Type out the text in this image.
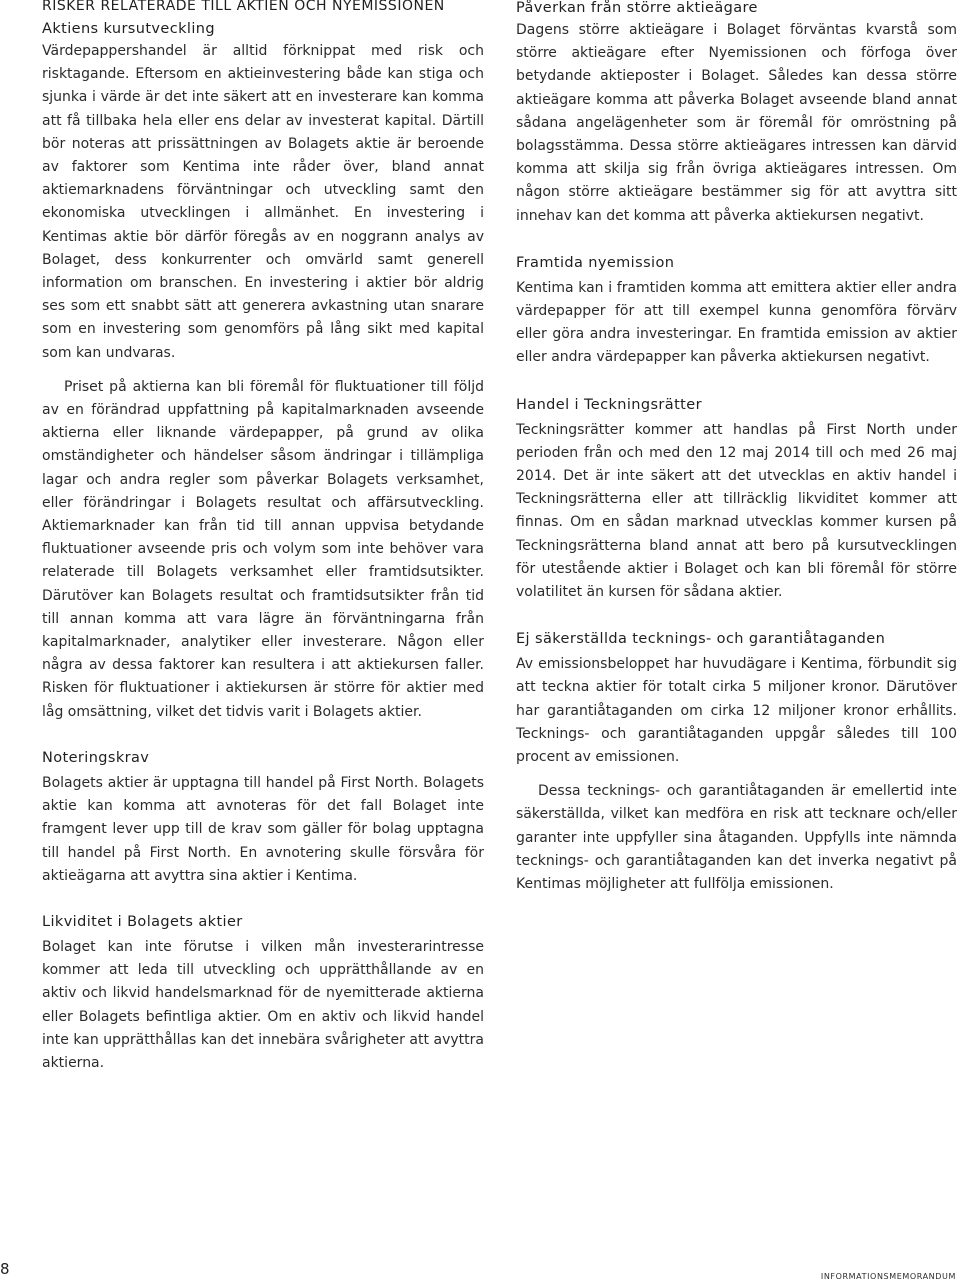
RISKER RELATERADE TILL AKTIEN OCH NYEMISSIONEN
Aktiens kursutveckling

Värdepappershandel är alltid förknippat med risk och risktagande. Eftersom en aktieinvestering både kan stiga och sjunka i värde är det inte säkert att en investerare kan komma att få tillbaka hela eller ens delar av investerat kapital. Därtill bör noteras att prissättningen av Bolagets aktie är beroende av faktorer som Kentima inte råder över, bland annat aktiemarknadens förväntningar och utveckling samt den ekonomiska utvecklingen i allmänhet. En investering i Kentimas aktie bör därför föregås av en noggrann analys av Bolaget, dess konkurrenter och omvärld samt generell information om branschen. En investering i aktier bör aldrig ses som ett snabbt sätt att generera avkastning utan snarare som en investering som genomförs på lång sikt med kapital som kan undvaras.

Priset på aktierna kan bli föremål för fluktuationer till följd av en förändrad uppfattning på kapitalmarknaden avseende aktierna eller liknande värdepapper, på grund av olika omständigheter och händelser såsom ändringar i tillämpliga lagar och andra regler som påverkar Bolagets verksamhet, eller förändringar i Bolagets resultat och affärsutveckling. Aktiemarknader kan från tid till annan uppvisa betydande fluktuationer avseende pris och volym som inte behöver vara relaterade till Bolagets verksamhet eller framtidsutsikter. Därutöver kan Bolagets resultat och framtidsutsikter från tid till annan komma att vara lägre än förväntningarna från kapitalmarknader, analytiker eller investerare. Någon eller några av dessa faktorer kan resultera i att aktiekursen faller. Risken för fluktuationer i aktiekursen är större för aktier med låg omsättning, vilket det tidvis varit i Bolagets aktier.

Noteringskrav

Bolagets aktier är upptagna till handel på First North. Bolagets aktie kan komma att avnoteras för det fall Bolaget inte framgent lever upp till de krav som gäller för bolag upptagna till handel på First North. En avnotering skulle försvåra för aktieägarna att avyttra sina aktier i Kentima.

Likviditet i Bolagets aktier

Bolaget kan inte förutse i vilken mån investerarintresse kommer att leda till utveckling och upprätthållande av en aktiv och likvid handelsmarknad för de nyemitterade aktierna eller Bolagets befintliga aktier. Om en aktiv och likvid handel inte kan upprätthållas kan det innebära svårigheter att avyttra aktierna.

Påverkan från större aktieägare

Dagens större aktieägare i Bolaget förväntas kvarstå som större aktieägare efter Nyemissionen och förfoga över betydande aktieposter i Bolaget. Således kan dessa större aktieägare komma att påverka Bolaget avseende bland annat sådana angelägenheter som är föremål för omröstning på bolagsstämma. Dessa större aktieägares intressen kan därvid komma att skilja sig från övriga aktieägares intressen. Om någon större aktieägare bestämmer sig för att avyttra sitt innehav kan det komma att påverka aktiekursen negativt.

Framtida nyemission

Kentima kan i framtiden komma att emittera aktier eller andra värdepapper för att till exempel kunna genomföra förvärv eller göra andra investeringar. En framtida emission av aktier eller andra värdepapper kan påverka aktiekursen negativt.

Handel i Teckningsrätter

Teckningsrätter kommer att handlas på First North under perioden från och med den 12 maj 2014 till och med 26 maj 2014. Det är inte säkert att det utvecklas en aktiv handel i Teckningsrätterna eller att tillräcklig likviditet kommer att finnas. Om en sådan marknad utvecklas kommer kursen på Teckningsrätterna bland annat att bero på kursutvecklingen för utestående aktier i Bolaget och kan bli föremål för större volatilitet än kursen för sådana aktier.

Ej säkerställda tecknings- och garantiåtaganden

Av emissionsbeloppet har huvudägare i Kentima, förbundit sig att teckna aktier för totalt cirka 5 miljoner kronor. Därutöver har garantiåtaganden om cirka 12 miljoner kronor erhållits. Tecknings- och garantiåtaganden uppgår således till 100 procent av emissionen.

Dessa tecknings- och garantiåtaganden är emellertid inte säkerställda, vilket kan medföra en risk att tecknare och/eller garanter inte uppfyller sina åtaganden. Uppfylls inte nämnda tecknings- och garantiåtaganden kan det inverka negativt på Kentimas möjligheter att fullfölja emissionen.

8	informationsmemorandum
